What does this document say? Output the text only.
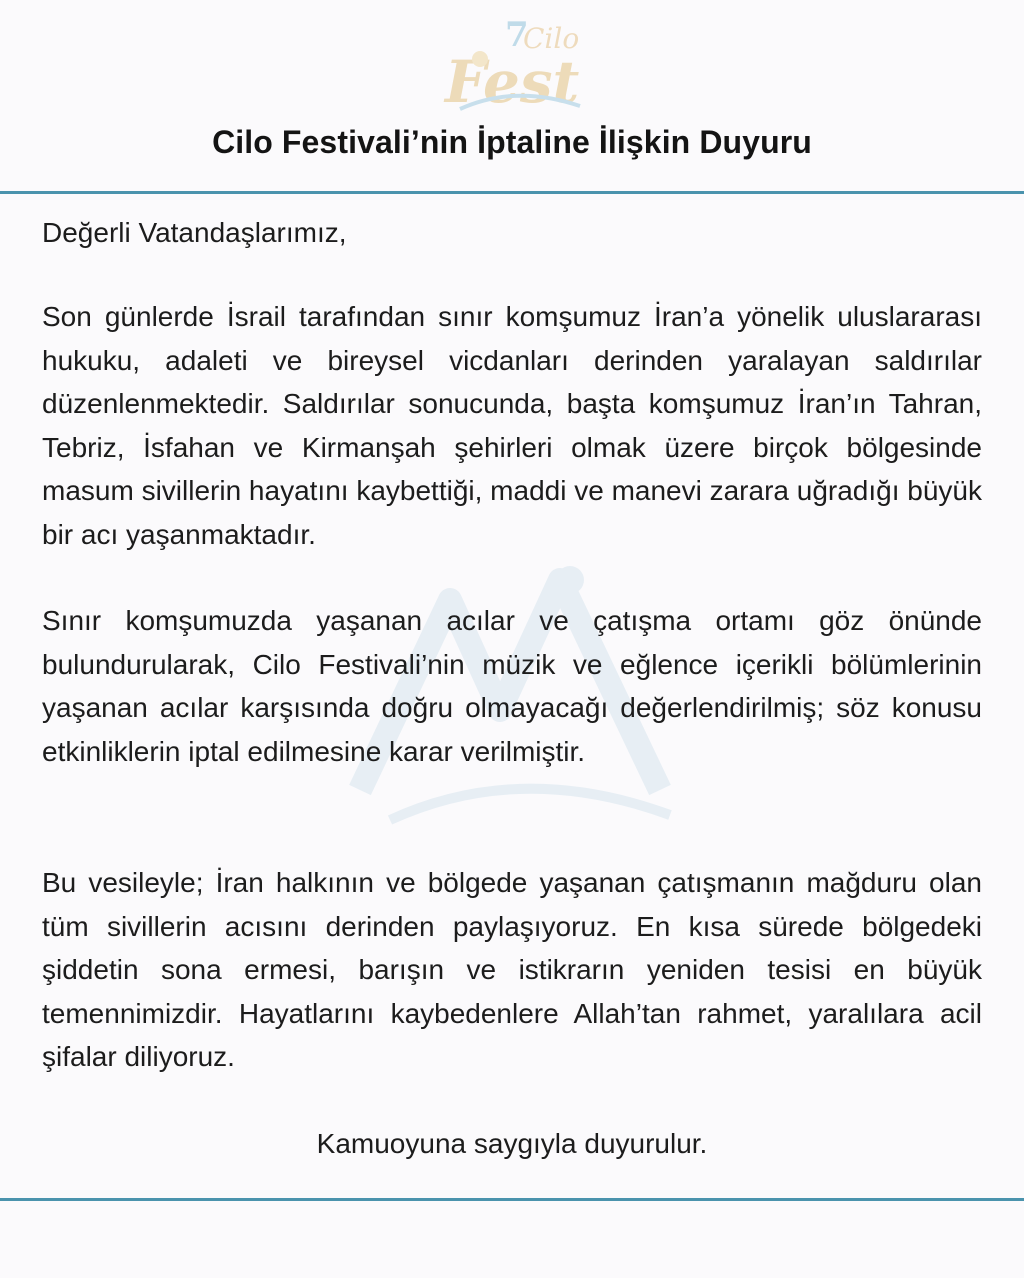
7
Cilo
Fest
Cilo Festivali’nin İptaline İlişkin Duyuru
Değerli Vatandaşlarımız,
Son günlerde İsrail tarafından sınır komşumuz İran’a yönelik uluslararası hukuku, adaleti ve bireysel vicdanları derinden yaralayan saldırılar düzenlenmektedir. Saldırılar sonucunda, başta komşumuz İran’ın Tahran, Tebriz, İsfahan ve Kirmanşah şehirleri olmak üzere birçok bölgesinde masum sivillerin hayatını kaybettiği, maddi ve manevi zarara uğradığı büyük bir acı yaşanmaktadır.
Sınır komşumuzda yaşanan acılar ve çatışma ortamı göz önünde bulundurularak, Cilo Festivali’nin müzik ve eğlence içerikli bölümlerinin yaşanan acılar karşısında doğru olmayacağı değerlendirilmiş; söz konusu etkinliklerin iptal edilmesine karar verilmiştir.
Bu vesileyle; İran halkının ve bölgede yaşanan çatışmanın mağduru olan tüm sivillerin acısını derinden paylaşıyoruz. En kısa sürede bölgedeki şiddetin sona ermesi, barışın ve istikrarın yeniden tesisi en büyük temennimizdir. Hayatlarını kaybedenlere Allah’tan rahmet, yaralılara acil şifalar diliyoruz.
Kamuoyuna saygıyla duyurulur.
